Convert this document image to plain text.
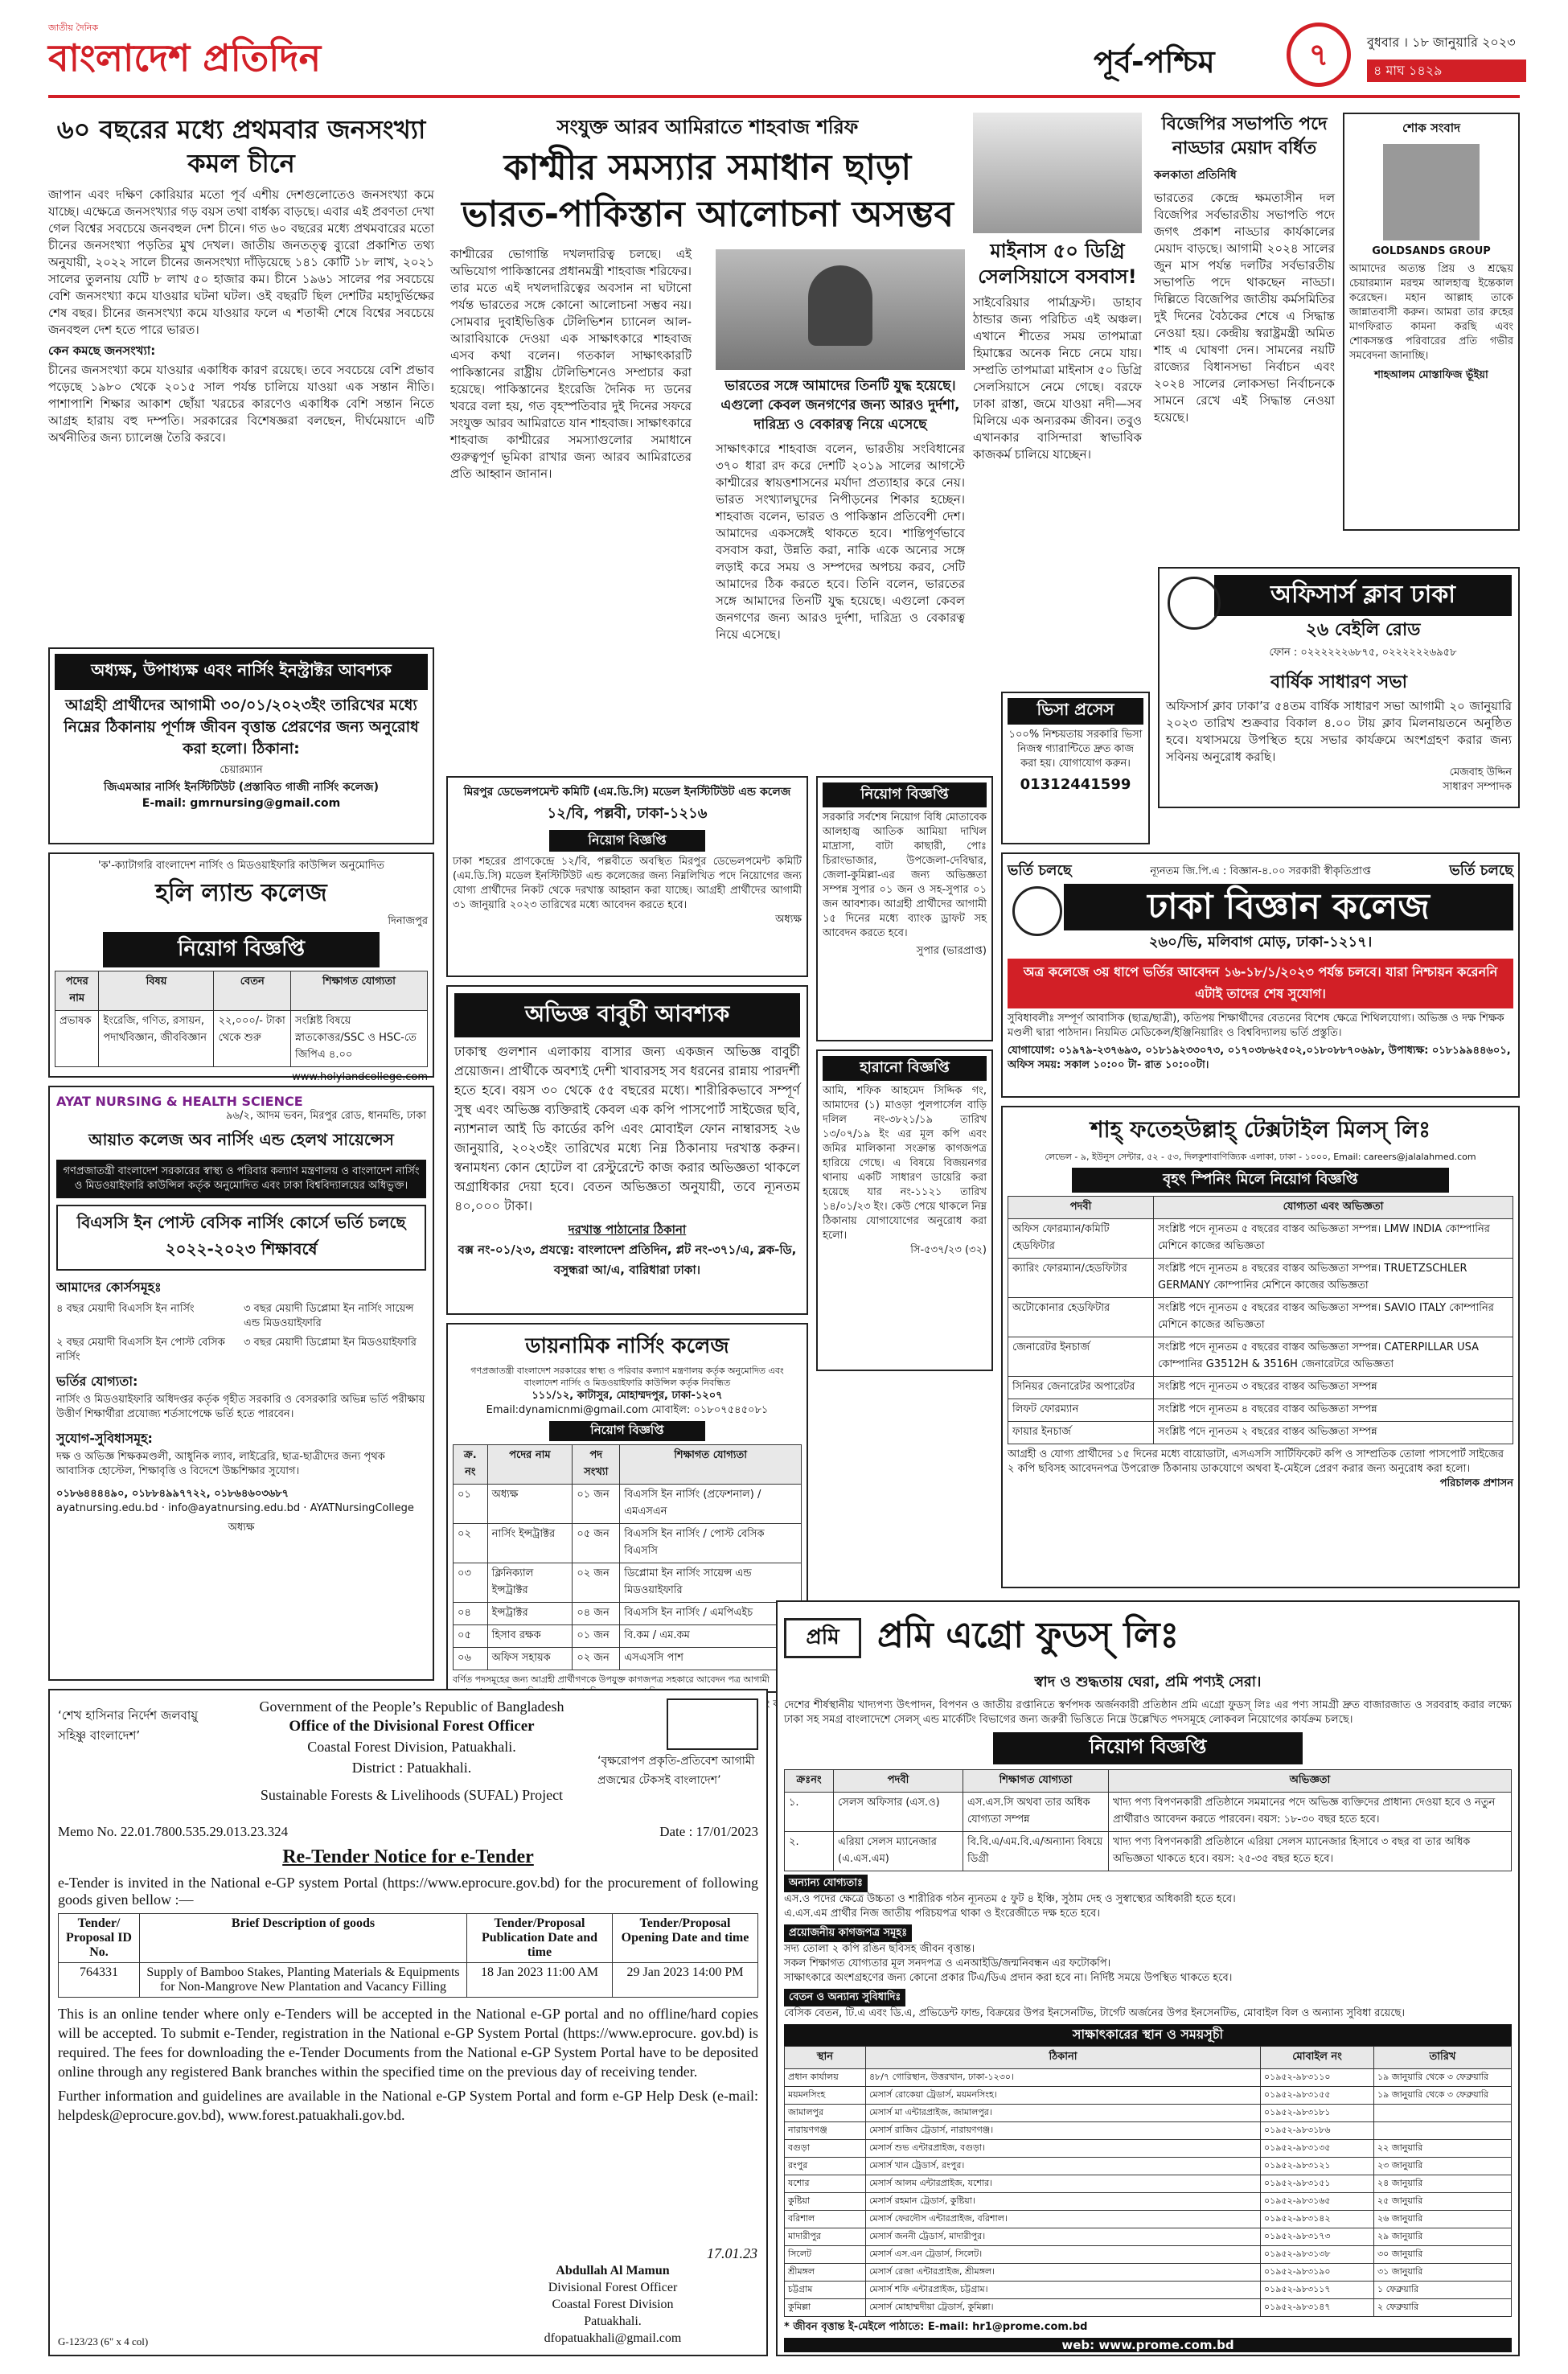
জাতীয় দৈনিক
বাংলাদেশ প্রতিদিন	পূর্ব-পশ্চিম	৭	বুধবার । ১৮ জানুয়ারি ২০২৩
৪ মাঘ ১৪২৯
৬০ বছরের মধ্যে প্রথমবার জনসংখ্যা কমল চীনে
জাপান এবং দক্ষিণ কোরিয়ার মতো পূর্ব এশীয় দেশগুলোতেও জনসংখ্যা কমে যাচ্ছে। এক্ষেত্রে জনসংখ্যার গড় বয়স তথা বার্ধক্য বাড়ছে। এবার এই প্রবণতা দেখা গেল বিশ্বের সবচেয়ে জনবহুল দেশ চীনে। গত ৬০ বছরের মধ্যে প্রথমবারের মতো চীনের জনসংখ্যা পড়তির মুখ দেখল। জাতীয় জনতত্ত্ব ব্যুরো প্রকাশিত তথ্য অনুযায়ী, ২০২২ সালে চীনের জনসংখ্যা দাঁড়িয়েছে ১৪১ কোটি ১৮ লাখ, ২০২১ সালের তুলনায় যেটি ৮ লাখ ৫০ হাজার কম। চীনে ১৯৬১ সালের পর সবচেয়ে বেশি জনসংখ্যা কমে যাওয়ার ঘটনা ঘটল। ওই বছরটি ছিল দেশটির মহাদুর্ভিক্ষের শেষ বছর। চীনের জনসংখ্যা কমে যাওয়ার ফলে এ শতাব্দী শেষে বিশ্বের সবচেয়ে জনবহুল দেশ হতে পারে ভারত।
কেন কমছে জনসংখ্যা:
চীনের জনসংখ্যা কমে যাওয়ার একাধিক কারণ রয়েছে। তবে সবচেয়ে বেশি প্রভাব পড়েছে ১৯৮০ থেকে ২০১৫ সাল পর্যন্ত চালিয়ে যাওয়া এক সন্তান নীতি। পাশাপাশি শিক্ষার আকাশ ছোঁয়া খরচের কারণেও একাধিক বেশি সন্তান নিতে আগ্রহ হারায় বহু দম্পতি। সরকারের বিশেষজ্ঞরা বলছেন, দীর্ঘমেয়াদে এটি অর্থনীতির জন্য চ্যালেঞ্জ তৈরি করবে।
সংযুক্ত আরব আমিরাতে শাহবাজ শরিফ
কাশ্মীর সমস্যার সমাধান ছাড়া
ভারত-পাকিস্তান আলোচনা অসম্ভব
কাশ্মীরের ভোগান্তি দখলদারিত্ব চলছে। এই অভিযোগ পাকিস্তানের প্রধানমন্ত্রী শাহবাজ শরিফের। তার মতে এই দখলদারিত্বের অবসান না ঘটানো পর্যন্ত ভারতের সঙ্গে কোনো আলোচনা সম্ভব নয়। সোমবার দুবাইভিত্তিক টেলিভিশন চ্যানেল আল-আরাবিয়াকে দেওয়া এক সাক্ষাৎকারে শাহবাজ এসব কথা বলেন। গতকাল সাক্ষাৎকারটি পাকিস্তানের রাষ্ট্রীয় টেলিভিশনেও সম্প্রচার করা হয়েছে। পাকিস্তানের ইংরেজি দৈনিক দ্য ডনের খবরে বলা হয়, গত বৃহস্পতিবার দুই দিনের সফরে সংযুক্ত আরব আমিরাতে যান শাহবাজ। সাক্ষাৎকারে শাহবাজ কাশ্মীরের সমস্যাগুলোর সমাধানে গুরুত্বপূর্ণ ভূমিকা রাখার জন্য আরব আমিরাতের প্রতি আহ্বান জানান।
ভারতের সঙ্গে আমাদের তিনটি যুদ্ধ হয়েছে। এগুলো কেবল জনগণের জন্য আরও দুর্দশা, দারিদ্র্য ও বেকারত্ব নিয়ে এসেছে
সাক্ষাৎকারে শাহবাজ বলেন, ভারতীয় সংবিধানের ৩৭০ ধারা রদ করে দেশটি ২০১৯ সালের আগস্টে কাশ্মীরের স্বায়ত্তশাসনের মর্যাদা প্রত্যাহার করে নেয়। ভারত সংখ্যালঘুদের নিপীড়নের শিকার হচ্ছেন। শাহবাজ বলেন, ভারত ও পাকিস্তান প্রতিবেশী দেশ। আমাদের একসঙ্গেই থাকতে হবে। শান্তিপূর্ণভাবে বসবাস করা, উন্নতি করা, নাকি একে অন্যের সঙ্গে লড়াই করে সময় ও সম্পদের অপচয় করব, সেটি আমাদের ঠিক করতে হবে। তিনি বলেন, ভারতের সঙ্গে আমাদের তিনটি যুদ্ধ হয়েছে। এগুলো কেবল জনগণের জন্য আরও দুর্দশা, দারিদ্র্য ও বেকারত্ব নিয়ে এসেছে।
মাইনাস ৫০ ডিগ্রি সেলসিয়াসে বসবাস!
সাইবেরিয়ার পার্মাফ্রস্ট। ডাহাব ঠান্ডার জন্য পরিচিত এই অঞ্চল। এখানে শীতের সময় তাপমাত্রা হিমাঙ্কের অনেক নিচে নেমে যায়। সম্প্রতি তাপমাত্রা মাইনাস ৫০ ডিগ্রি সেলসিয়াসে নেমে গেছে। বরফে ঢাকা রাস্তা, জমে যাওয়া নদী—সব মিলিয়ে এক অন্যরকম জীবন। তবুও এখানকার বাসিন্দারা স্বাভাবিক কাজকর্ম চালিয়ে যাচ্ছেন।
বিজেপির সভাপতি পদে নাড্ডার মেয়াদ বর্ধিত
কলকাতা প্রতিনিধি
ভারতের কেন্দ্রে ক্ষমতাসীন দল বিজেপির সর্বভারতীয় সভাপতি পদে জগৎ প্রকাশ নাড্ডার কার্যকালের মেয়াদ বাড়ছে। আগামী ২০২৪ সালের জুন মাস পর্যন্ত দলটির সর্বভারতীয় সভাপতি পদে থাকছেন নাড্ডা। দিল্লিতে বিজেপির জাতীয় কর্মসমিতির দুই দিনের বৈঠকের শেষে এ সিদ্ধান্ত নেওয়া হয়। কেন্দ্রীয় স্বরাষ্ট্রমন্ত্রী অমিত শাহ এ ঘোষণা দেন। সামনের নয়টি রাজ্যের বিধানসভা নির্বাচন এবং ২০২৪ সালের লোকসভা নির্বাচনকে সামনে রেখে এই সিদ্ধান্ত নেওয়া হয়েছে।
শোক সংবাদ
GOLDSANDS GROUP
আমাদের অত্যন্ত প্রিয় ও শ্রদ্ধেয় চেয়ারম্যান মরহুম আলহাজ্ব ইন্তেকাল করেছেন। মহান আল্লাহ তাকে জান্নাতবাসী করুন। আমরা তার রুহের মাগফিরাত কামনা করছি এবং শোকসন্তপ্ত পরিবারের প্রতি গভীর সমবেদনা জানাচ্ছি।
শাহআলম মোস্তাফিজ ভূঁইয়া
অফিসার্স ক্লাব ঢাকা
২৬ বেইলি রোড
ফোন : ০২২২২২২৬৮৭৫, ০২২২২২২৬৯৫৮
বার্ষিক সাধারণ সভা
অফিসার্স ক্লাব ঢাকা’র ৫৪তম বার্ষিক সাধারণ সভা আগামী ২০ জানুয়ারি ২০২৩ তারিখ শুক্রবার বিকাল ৪.০০ টায় ক্লাব মিলনায়তনে অনুষ্ঠিত হবে। যথাসময়ে উপস্থিত হয়ে সভার কার্যক্রমে অংশগ্রহণ করার জন্য সবিনয় অনুরোধ করছি।
মেজবাহ উদ্দিন
সাধারণ সম্পাদক
অধ্যক্ষ, উপাধ্যক্ষ এবং নার্সিং ইনস্ট্রাক্টর আবশ্যক
আগ্রহী প্রার্থীদের আগামী ৩০/০১/২০২৩ইং তারিখের মধ্যে নিম্নের ঠিকানায় পূর্ণাঙ্গ জীবন বৃত্তান্ত প্রেরণের জন্য অনুরোধ করা হলো। ঠিকানা:
চেয়ারম্যান
জিএমআর নার্সিং ইনস্টিটিউট (প্রস্তাবিত গাজী নার্সিং কলেজ)
E-mail: gmrnursing@gmail.com
'ক'-ক্যাটাগরি বাংলাদেশ নার্সিং ও মিডওয়াইফারি কাউন্সিল অনুমোদিত
হলি ল্যান্ড কলেজ
দিনাজপুর
নিয়োগ বিজ্ঞপ্তি
পদের নাম	বিষয়	বেতন	শিক্ষাগত যোগ্যতা
প্রভাষক	ইংরেজি, গণিত, রসায়ন, পদার্থবিজ্ঞান, জীববিজ্ঞান	২২,০০০/- টাকা থেকে শুরু	সংশ্লিষ্ট বিষয়ে স্নাতকোত্তর/SSC ও HSC-তে জিপিএ ৪.০০
www.holylandcollege.com
AYAT NURSING & HEALTH SCIENCE
৯৬/২, আদম ভবন, মিরপুর রোড, ধানমন্ডি, ঢাকা
আয়াত কলেজ অব নার্সিং এন্ড হেলথ সায়েন্সেস
গণপ্রজাতন্ত্রী বাংলাদেশ সরকারের স্বাস্থ্য ও পরিবার কল্যাণ মন্ত্রণালয় ও বাংলাদেশ নার্সিং ও মিডওয়াইফারি কাউন্সিল কর্তৃক অনুমোদিত এবং ঢাকা বিশ্ববিদ্যালয়ের অধিভুক্ত।
বিএসসি ইন পোস্ট বেসিক নার্সিং কোর্সে ভর্তি চলছে ২০২২-২০২৩ শিক্ষাবর্ষে
আমাদের কোর্সসমূহঃ
৪ বছর মেয়াদী বিএসসি ইন নার্সিং	৩ বছর মেয়াদী ডিপ্লোমা ইন নার্সিং সায়েন্স এন্ড মিডওয়াইফারি
২ বছর মেয়াদী বিএসসি ইন পোস্ট বেসিক নার্সিং
৩ বছর মেয়াদী ডিপ্লোমা ইন মিডওয়াইফারি
ভর্তির যোগ্যতা:
নার্সিং ও মিডওয়াইফারি অধিদপ্তর কর্তৃক গৃহীত সরকারি ও বেসরকারি অভিন্ন ভর্তি পরীক্ষায় উত্তীর্ণ শিক্ষার্থীরা প্রযোজ্য শর্তসাপেক্ষে ভর্তি হতে পারবেন।
সুযোগ-সুবিধাসমূহ:
দক্ষ ও অভিজ্ঞ শিক্ষকমণ্ডলী, আধুনিক ল্যাব, লাইব্রেরি, ছাত্র-ছাত্রীদের জন্য পৃথক আবাসিক হোস্টেল, শিক্ষাবৃত্তি ও বিদেশে উচ্চশিক্ষার সুযোগ।
০১৮৬৪৪৪৪৯০, ০১৮৮৪৯৯৭৭২২, ০১৮৬৪৬০৩৬৮৭
ayatnursing.edu.bd · info@ayatnursing.edu.bd · AYATNursingCollege
অধ্যক্ষ
মিরপুর ডেভেলপমেন্ট কমিটি (এম.ডি.সি) মডেল ইনস্টিটিউট এন্ড কলেজ
১২/বি, পল্লবী, ঢাকা-১২১৬
নিয়োগ বিজ্ঞপ্তি
ঢাকা শহরের প্রাণকেন্দ্রে ১২/বি, পল্লবীতে অবস্থিত মিরপুর ডেভেলপমেন্ট কমিটি (এম.ডি.সি) মডেল ইনস্টিটিউট এন্ড কলেজের জন্য নিম্নলিখিত পদে নিয়োগের জন্য যোগ্য প্রার্থীদের নিকট থেকে দরখাস্ত আহ্বান করা যাচ্ছে। আগ্রহী প্রার্থীদের আগামী ৩১ জানুয়ারি ২০২৩ তারিখের মধ্যে আবেদন করতে হবে।
অধ্যক্ষ
অভিজ্ঞ বাবুর্চী আবশ্যক
ঢাকাস্থ গুলশান এলাকায় বাসার জন্য একজন অভিজ্ঞ বাবুর্চী প্রয়োজন। প্রার্থীকে অবশ্যই দেশী খাবারসহ সব ধরনের রান্নায় পারদর্শী হতে হবে। বয়স ৩০ থেকে ৫৫ বছরের মধ্যে। শারীরিকভাবে সম্পূর্ণ সুস্থ এবং অভিজ্ঞ ব্যক্তিরাই কেবল এক কপি পাসপোর্ট সাইজের ছবি, ন্যাশনাল আই ডি কার্ডের কপি এবং মোবাইল ফোন নাম্বারসহ ২৬ জানুয়ারি, ২০২৩ইং তারিখের মধ্যে নিম্ন ঠিকানায় দরখাস্ত করুন। স্বনামধন্য কোন হোটেল বা রেস্টুরেন্টে কাজ করার অভিজ্ঞতা থাকলে অগ্রাধিকার দেয়া হবে। বেতন অভিজ্ঞতা অনুযায়ী, তবে ন্যূনতম ৪০,০০০ টাকা।
দরখাস্ত পাঠানোর ঠিকানা
বক্স নং-০১/২৩, প্রযত্নে: বাংলাদেশ প্রতিদিন, প্লট নং-৩৭১/এ, ব্লক-ডি, বসুন্ধরা আ/এ, বারিধারা ঢাকা।
ডায়নামিক নার্সিং কলেজ
গণপ্রজাতন্ত্রী বাংলাদেশ সরকারের স্বাস্থ্য ও পরিবার কল্যাণ মন্ত্রণালয় কর্তৃক অনুমোদিত এবং বাংলাদেশ নার্সিং ও মিডওয়াইফারি কাউন্সিল কর্তৃক নিবন্ধিত
১১১/১২, কাটাসুর, মোহাম্মদপুর, ঢাকা-১২০৭
Email:dynamicnmi@gmail.com মোবাইল: ০১৮০৭৫৪৫০৮১
নিয়োগ বিজ্ঞপ্তি
ক্র. নং	পদের নাম	পদ সংখ্যা	শিক্ষাগত যোগ্যতা
০১	অধ্যক্ষ	০১ জন	বিএসসি ইন নার্সিং (প্রফেশনাল) / এমএসএন
০২	নার্সিং ইন্সট্রাক্টর	০৫ জন	বিএসসি ইন নার্সিং / পোস্ট বেসিক বিএসসি
০৩	ক্লিনিক্যাল ইন্সট্রাক্টর	০২ জন	ডিপ্লোমা ইন নার্সিং সায়েন্স এন্ড মিডওয়াইফারি
০৪	ইন্সট্রাক্টর	০৪ জন	বিএসসি ইন নার্সিং / এমপিএইচ
০৫	হিসাব রক্ষক	০১ জন	বি.কম / এম.কম
০৬	অফিস সহায়ক	০২ জন	এসএসসি পাশ
বর্ণিত পদসমূহের জন্য আগ্রহী প্রার্থীগণকে উপযুক্ত কাগজপত্র সহকারে আবেদন পত্র আগামী
নিয়োগ বিজ্ঞপ্তি
সরকারি সর্বশেষ নিয়োগ বিধি মোতাবেক আলহাজ্ব আতিক আমিয়া দাখিল মাদ্রাসা, বাটা কাছারী, পোঃ চিরাংভাজার, উপজেলা-দেবিদ্বার, জেলা-কুমিল্লা-এর জন্য অভিজ্ঞতা সম্পন্ন সুপার ০১ জন ও সহ-সুপার ০১ জন আবশ্যক। আগ্রহী প্রার্থীদের আগামী ১৫ দিনের মধ্যে ব্যাংক ড্রাফট সহ আবেদন করতে হবে।
সুপার (ভারপ্রাপ্ত)
ভিসা প্রসেস
১০০% নিশ্চয়তায় সরকারি ভিসা নিজস্ব গ্যারান্টিতে দ্রুত কাজ করা হয়। যোগাযোগ করুন।
01312441599
হারানো বিজ্ঞপ্তি
আমি, শফিক আহমেদ সিদ্দিক গং, আমাদের (১) মাওড়া পুলপার্সেল বাড়ি দলিল নং-৩৮২১/১৯ তারিখ ১৩/০৭/১৯ ইং এর মূল কপি এবং জমির মালিকানা সংক্রান্ত কাগজপত্র হারিয়ে গেছে। এ বিষয়ে বিজয়নগর থানায় একটি সাধারণ ডায়েরি করা হয়েছে যার নং-১১২১ তারিখ ১৪/০১/২৩ ইং। কেউ পেয়ে থাকলে নিম্ন ঠিকানায় যোগাযোগের অনুরোধ করা হলো।
সি-৫৩৭/২৩ (৩২)
ভর্তি চলছে	ন্যূনতম জি.পি.এ : বিজ্ঞান-৪.০০ সরকারী স্বীকৃতিপ্রাপ্ত	ভর্তি চলছে
ঢাকা বিজ্ঞান কলেজ
২৬০/ভি, মলিবাগ মোড়, ঢাকা-১২১৭।
অত্র কলেজে ৩য় ধাপে ভর্তির আবেদন ১৬-১৮/১/২০২৩ পর্যন্ত চলবে। যারা নিশ্চায়ন করেননি এটাই তাদের শেষ সুযোগ।
সুবিধাবলীঃ সম্পূর্ণ আবাসিক (ছাত্র/ছাত্রী), কতিপয় শিক্ষার্থীদের বেতনের বিশেষ ক্ষেত্রে শিথিলযোগ্য। অভিজ্ঞ ও দক্ষ শিক্ষক মণ্ডলী দ্বারা পাঠদান। নিয়মিত মেডিকেল/ইঞ্জিনিয়ারিং ও বিশ্ববিদ্যালয় ভর্তি প্রস্তুতি।
যোগাযোগ: ০১৯৭৯-২৩৭৬৯৩, ০১৮১৯২৩৩০৭৩, ০১৭০৩৮৬২৫০২,০১৮০৮৮৭০৬৯৮, উপাধ্যক্ষ: ০১৮১৯৯৪৪৬০১, অফিস সময়: সকাল ১০:০০ টা- রাত ১০:০০টা।
শাহ্ ফতেহউল্লাহ্ টেক্সটাইল মিলস্ লিঃ
লেভেল - ৯, ইউনুস সেন্টার, ৫২ - ৫৩, দিলকুশাবাণিজ্যিক এলাকা, ঢাকা - ১০০০, Email: careers@jalalahmed.com
বৃহৎ স্পিনিং মিলে নিয়োগ বিজ্ঞপ্তি
পদবী	যোগ্যতা এবং অভিজ্ঞতা
অফিস ফোরম্যান/কমিটি হেডফিটার	সংশ্লিষ্ট পদে ন্যূনতম ৫ বছরের বাস্তব অভিজ্ঞতা সম্পন্ন। LMW INDIA কোম্পানির মেশিনে কাজের অভিজ্ঞতা
ক্যারিং ফোরম্যান/হেডফিটার	সংশ্লিষ্ট পদে ন্যূনতম ৪ বছরের বাস্তব অভিজ্ঞতা সম্পন্ন। TRUETZSCHLER GERMANY কোম্পানির মেশিনে কাজের অভিজ্ঞতা
অটোকোনার হেডফিটার	সংশ্লিষ্ট পদে ন্যূনতম ৫ বছরের বাস্তব অভিজ্ঞতা সম্পন্ন। SAVIO ITALY কোম্পানির মেশিনে কাজের অভিজ্ঞতা
জেনারেটর ইনচার্জ	সংশ্লিষ্ট পদে ন্যূনতম ৫ বছরের বাস্তব অভিজ্ঞতা সম্পন্ন। CATERPILLAR USA কোম্পানির G3512H & 3516H জেনারেটরে অভিজ্ঞতা
সিনিয়র জেনারেটর অপারেটর	সংশ্লিষ্ট পদে ন্যূনতম ৩ বছরের বাস্তব অভিজ্ঞতা সম্পন্ন
লিফট ফোরম্যান	সংশ্লিষ্ট পদে ন্যূনতম ৪ বছরের বাস্তব অভিজ্ঞতা সম্পন্ন
ফায়ার ইনচার্জ	সংশ্লিষ্ট পদে ন্যূনতম ২ বছরের বাস্তব অভিজ্ঞতা সম্পন্ন
আগ্রহী ও যোগ্য প্রার্থীদের ১৫ দিনের মধ্যে বায়োডাটা, এসএসসি সার্টিফিকেট কপি ও সাম্প্রতিক তোলা পাসপোর্ট সাইজের ২ কপি ছবিসহ আবেদনপত্র উপরোক্ত ঠিকানায় ডাকযোগে অথবা ই-মেইলে প্রেরণ করার জন্য অনুরোধ করা হলো।
পরিচালক প্রশাসন
প্রমি	প্রমি এগ্রো ফুডস্ লিঃ
স্বাদ ও শুদ্ধতায় ঘেরা, প্রমি পণ্যই সেরা।
দেশের শীর্ষস্থানীয় খাদ্যপণ্য উৎপাদন, বিপণন ও জাতীয় রপ্তানিতে স্বর্ণপদক অর্জনকারী প্রতিষ্ঠান প্রমি এগ্রো ফুডস্ লিঃ এর পণ্য সামগ্রী দ্রুত বাজারজাত ও সরবরাহ করার লক্ষ্যে ঢাকা সহ সমগ্র বাংলাদেশে সেলস্ এন্ড মার্কেটিং বিভাগের জন্য জরুরী ভিত্তিতে নিম্নে উল্লেখিত পদসমূহে লোকবল নিয়োগের কার্যক্রম চলছে।
নিয়োগ বিজ্ঞপ্তি
ক্রঃনং	পদবী	শিক্ষাগত যোগ্যতা	অভিজ্ঞতা
১.	সেলস অফিসার (এস.ও)	এস.এস.সি অথবা তার অধিক যোগ্যতা সম্পন্ন	খাদ্য পণ্য বিপণনকারী প্রতিষ্ঠানে সমমানের পদে অভিজ্ঞ ব্যক্তিদের প্রাধান্য দেওয়া হবে ও নতুন প্রার্থীরাও আবেদন করতে পারবেন। বয়স: ১৮-৩০ বছর হতে হবে।
২.	এরিয়া সেলস ম্যানেজার (এ.এস.এম)	বি.বি.এ/এম.বি.এ/অন্যান্য বিষয়ে ডিগ্রী	খাদ্য পণ্য বিপণনকারী প্রতিষ্ঠানে এরিয়া সেলস ম্যানেজার হিসাবে ৩ বছর বা তার অধিক অভিজ্ঞতা থাকতে হবে। বয়স: ২৫-৩৫ বছর হতে হবে।
অন্যান্য যোগ্যতাঃ
এস.ও পদের ক্ষেত্রে উচ্চতা ও শারীরিক গঠন ন্যূনতম ৫ ফুট ৪ ইঞ্চি, সুঠাম দেহ ও সুস্বাস্থ্যের অধিকারী হতে হবে।
এ.এস.এম প্রার্থীর নিজ জাতীয় পরিচয়পত্র থাকা ও ইংরেজীতে দক্ষ হতে হবে।
প্রয়োজনীয় কাগজপত্র সমূহঃ
সদ্য তোলা ২ কপি রঙিন ছবিসহ জীবন বৃত্তান্ত।
সকল শিক্ষাগত যোগ্যতার মূল সনদপত্র ও এনআইডি/জন্মনিবন্ধন এর ফটোকপি।
সাক্ষাৎকারে অংশগ্রহণের জন্য কোনো প্রকার টিএ/ডিএ প্রদান করা হবে না। নির্দিষ্ট সময়ে উপস্থিত থাকতে হবে।
বেতন ও অন্যান্য সুবিধাদিঃ
বেসিক বেতন, টি.এ এবং ডি.এ, প্রভিডেন্ট ফান্ড, বিক্রয়ের উপর ইনসেনটিভ, টার্গেট অর্জনের উপর ইনসেনটিভ, মোবাইল বিল ও অন্যান্য সুবিধা রয়েছে।
সাক্ষাৎকারের স্থান ও সময়সূচী
স্থান	ঠিকানা	মোবাইল নং	তারিখ
প্রধান কার্যালয়	৪৮/৭ গোরিস্থান, উত্তরখান, ঢাকা-১২৩০।	০১৯৫২-৯৮৩১১০	১৯ জানুয়ারি থেকে ৩ ফেব্রুয়ারি
ময়মনসিংহ	মেসার্স রোকেয়া ট্রেডার্স, ময়মনসিংহ।	০১৯৫২-৯৮৩১৫৫	১৯ জানুয়ারি থেকে ৩ ফেব্রুয়ারি
জামালপুর	মেসার্স মা এন্টারপ্রাইজ, জামালপুর।	০১৯৫২-৯৮৩১৮১	
নারায়ণগঞ্জ	মেসার্স রাজিব ট্রেডার্স, নারায়ণগঞ্জ।	০১৯৫২-৯৮৩১৮৬	
বগুড়া	মেসার্স শুভ এন্টারপ্রাইজ, বগুড়া।	০১৯৫২-৯৮৩১৩৫	২২ জানুয়ারি
রংপুর	মেসার্স খান ট্রেডার্স, রংপুর।	০১৯৫২-৯৮৩১২১	২৩ জানুয়ারি
যশোর	মেসার্স আলম এন্টারপ্রাইজ, যশোর।	০১৯৫২-৯৮৩১৫১	২৪ জানুয়ারি
কুষ্টিয়া	মেসার্স রহমান ট্রেডার্স, কুষ্টিয়া।	০১৯৫২-৯৮৩১৬৫	২৫ জানুয়ারি
বরিশাল	মেসার্স ফেরদৌস এন্টারপ্রাইজ, বরিশাল।	০১৯৫২-৯৮৩১৪২	২৬ জানুয়ারি
মাদারীপুর	মেসার্স জননী ট্রেডার্স, মাদারীপুর।	০১৯৫২-৯৮৩১৭৩	২৯ জানুয়ারি
সিলেট	মেসার্স এস.এন ট্রেডার্স, সিলেট।	০১৯৫২-৯৮৩১৩৮	৩০ জানুয়ারি
শ্রীমঙ্গল	মেসার্স রেজা এন্টারপ্রাইজ, শ্রীমঙ্গল।	০১৯৫২-৯৮৩১৯০	৩১ জানুয়ারি
চট্টগ্রাম	মেসার্স শফি এন্টারপ্রাইজ, চট্টগ্রাম।	০১৯৫২-৯৮৩১১৭	১ ফেব্রুয়ারি
কুমিল্লা	মেসার্স মোহাম্মদীয়া ট্রেডার্স, কুমিল্লা।	০১৯৫২-৯৮৩১৪৭	২ ফেব্রুয়ারি
* জীবন বৃত্তান্ত ই-মেইলে পাঠাতে: E-mail: hr1@prome.com.bd
web: www.prome.com.bd
‘শেখ হাসিনার নির্দেশ জলবায়ু সহিষ্ণু বাংলাদেশ’
Government of the People’s Republic of Bangladesh
Office of the Divisional Forest Officer
Coastal Forest Division, Patuakhali.
District : Patuakhali.
Sustainable Forests & Livelihoods (SUFAL) Project
‘বৃক্ষরোপণ প্রকৃতি-প্রতিবেশ আগামী প্রজন্মের টেকসই বাংলাদেশ’
Memo No. 22.01.7800.535.29.013.23.324	Date : 17/01/2023
Re-Tender Notice for e-Tender
e-Tender is invited in the National e-GP system Portal (https://www.eprocure.gov.bd) for the procurement of following goods given bellow :—
Tender/ Proposal ID No.	Brief Description of goods	Tender/Proposal Publication Date and time	Tender/Proposal Opening Date and time
764331	Supply of Bamboo Stakes, Planting Materials & Equipments for Non-Mangrove New Plantation and Vacancy Filling	18 Jan 2023 11:00 AM	29 Jan 2023 14:00 PM
This is an online tender where only e-Tenders will be accepted in the National e-GP portal and no offline/hard copies will be accepted. To submit e-Tender, registration in the National e-GP System Portal (https://www.eprocure. gov.bd) is required. The fees for downloading the e-Tender Documents from the National e-GP System Portal have to be deposited online through any registered Bank branches within the specified time on the previous day of receiving tender.
Further information and guidelines are available in the National e-GP System Portal and form e-GP Help Desk (e-mail: helpdesk@eprocure.gov.bd), www.forest.patuakhali.gov.bd.
17.01.23
Abdullah Al Mamun
Divisional Forest Officer
Coastal Forest Division
Patuakhali.
dfopatuakhali@gmail.com
G-123/23 (6" x 4 col)
